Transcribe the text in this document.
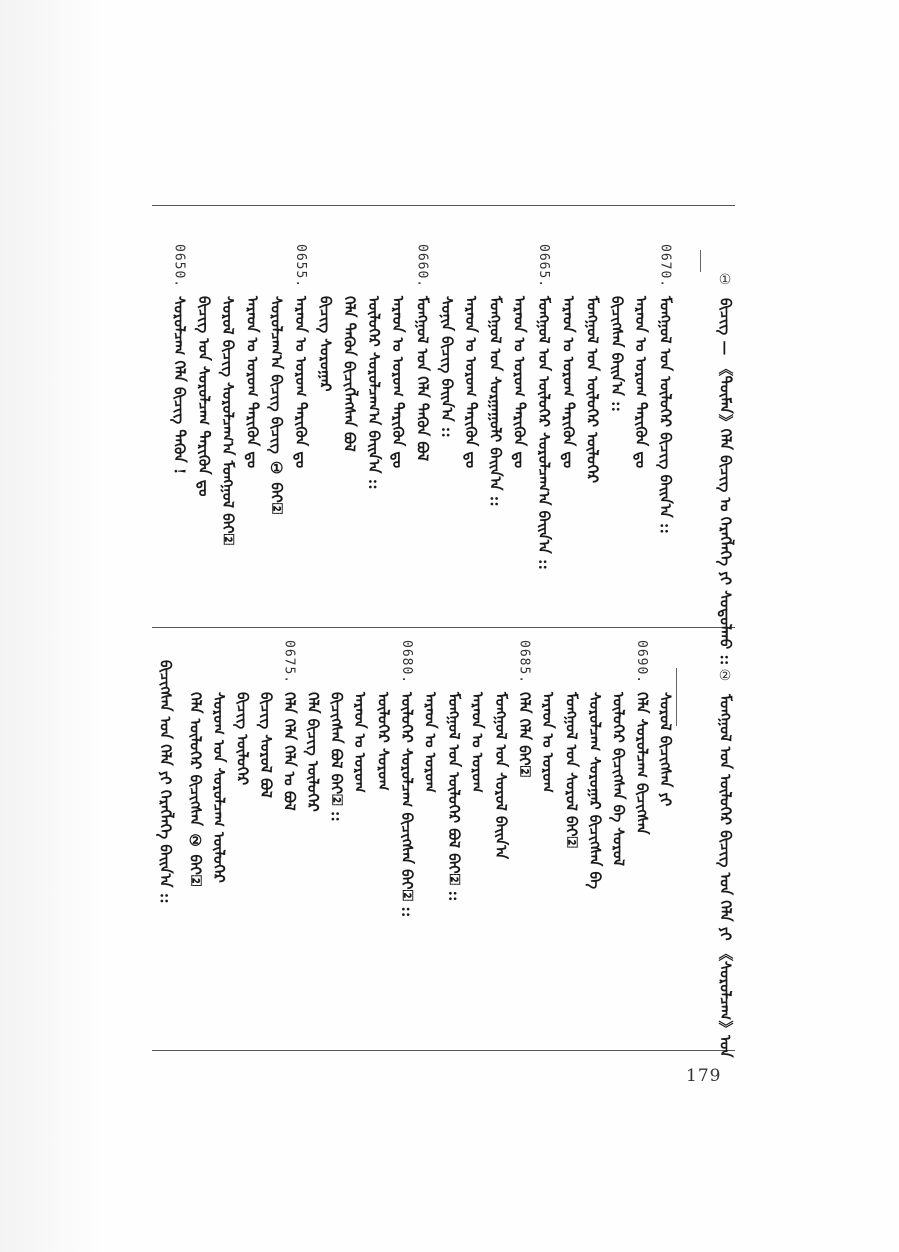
①
ᠪᠢᠴᠢᠭ — 《ᠲᠦᠮᠡᠨ》ᠬᠡᠯᠡ ᠪᠢᠴᠢᠭ ᠤ ᠬᠡᠷᠡᠭᠯᠡᠭᠡ ᠶᠢ ᠰᠤᠳᠤᠯᠬᠤ ::
0670.
ᠮᠣᠩᠭᠣᠯ ᠤᠨ ᠦᠯᠦᠭᠡᠷ ᠪᠢᠴᠢᠭ ᠪᠠᠢ᠌ᠨ᠎ᠠ ::
ᠠᠷᠠᠳ ᠤ ᠤᠷᠤᠭ ᠲᠡᠷᠢᠭᠦᠨ ᠳᠤ
ᠪᠢᠴᠢᠭᠰᠡᠨ ᠪᠠᠢ᠌ᠨ᠎ᠠ ::
ᠮᠣᠩᠭᠣᠯ ᠤᠨ ᠦᠯᠦᠭᠡᠷ ᠦᠯᠦᠭᠡᠷ
ᠠᠷᠠᠳ ᠤ ᠤᠷᠤᠭ ᠲᠡᠷᠢᠭᠦᠨ ᠳᠤ
0665.
ᠮᠣᠩᠭᠣᠯ ᠤᠨ ᠦᠯᠦᠭᠡᠷ ᠰᠤᠷᠤᠯᠴᠠᠭ᠎ᠠ ᠪᠠᠢ᠌ᠨ᠎ᠠ ::
ᠠᠷᠠᠳ ᠤ ᠤᠷᠤᠭ ᠲᠡᠷᠢᠭᠦᠨ ᠳᠤ
ᠮᠣᠩᠭᠣᠯ ᠤᠨ ᠰᠤᠷᠭᠠᠭᠤᠯᠢ ᠪᠠᠢ᠌ᠨ᠎ᠠ ::
ᠠᠷᠠᠳ ᠤ ᠤᠷᠤᠭ ᠲᠡᠷᠢᠭᠦᠨ ᠳᠤ
ᠰᠣᠨᠢᠨ ᠪᠢᠴᠢᠭ ᠪᠠᠢ᠌ᠨ᠎ᠠ ::
0660.
ᠮᠣᠩᠭᠣᠯ ᠤᠨ ᠬᠡᠯᠡ ᠲᠡᠭᠦᠨ ᠪᠣᠯ
ᠠᠷᠠᠳ ᠤ ᠤᠷᠤᠭ ᠲᠡᠷᠢᠭᠦᠨ ᠳᠤ
ᠦᠯᠦᠭᠡᠷ ᠰᠤᠷᠤᠯᠴᠠᠭ᠎ᠠ ᠪᠠᠢ᠌ᠨ᠎ᠠ ::
ᠬᠡᠯᠡ ᠲᠡᠭᠦᠨ ᠪᠢᠴᠢᠭᠯᠡᠭᠰᠡᠨ ᠪᠣᠯ
ᠪᠢᠴᠢᠭ ᠰᠤᠷᠤᠭᠠᠷ
0655.
ᠠᠷᠠᠳ ᠤ ᠤᠷᠤᠭ ᠲᠡᠷᠢᠭᠦᠨ ᠳᠤ
ᠰᠤᠷᠤᠯᠴᠠᠭ᠎ᠠ ᠪᠢᠴᠢᠭ ᠪᠢᠴᠢᠭ ① ᠪᠠᠢ᠌
ᠠᠷᠠᠳ ᠤ ᠤᠷᠤᠭ ᠲᠡᠷᠢᠭᠦᠨ ᠳᠤ
ᠰᠤᠷᠤᠯ ᠪᠢᠴᠢᠭ ᠰᠤᠷᠤᠯᠴᠠᠭ᠎ᠠ ᠮᠣᠩᠭᠣᠯ ᠪᠠᠢ᠌
ᠪᠢᠴᠢᠭ ᠤᠨ ᠰᠤᠷᠤᠯᠴᠠᠭ ᠲᠡᠷᠢᠭᠦᠨ ᠳᠤ
0650.
ᠰᠤᠷᠤᠯᠴᠠᠭ ᠬᠡᠯᠡ ᠪᠢᠴᠢᠭ ᠲᠡᠭᠦᠨ !
②
ᠮᠣᠩᠭᠣᠯ ᠤᠨ ᠦᠯᠦᠭᠡᠷ ᠪᠢᠴᠢᠭ ᠤᠨ ᠬᠡᠯᠡ ᠶᠢ 《ᠰᠤᠷᠤᠯᠴᠠᠭ》ᠤᠨ
ᠪᠢᠴᠢᠭᠰᠡᠨ ᠤᠨ ᠬᠡᠯᠡ ᠶᠢ ᠬᠡᠷᠡᠭᠯᠡᠭᠡ ᠪᠠᠢ᠌ᠨ᠎ᠠ ::	ᠰᠤᠷᠤᠯ ᠪᠢᠴᠢᠭᠰᠡᠨ ᠶᠢ
0690.
ᠬᠡᠯᠡ ᠰᠤᠷᠤᠯᠴᠠᠭ ᠪᠢᠴᠢᠭᠰᠡᠨ
ᠦᠯᠦᠭᠡᠷ ᠪᠢᠴᠢᠭᠰᠡᠨ ᠪᠠ ᠰᠤᠷᠤᠯ
ᠰᠤᠷᠤᠯᠴᠠᠭ ᠰᠤᠷᠤᠭᠠᠷ ᠪᠢᠴᠢᠭᠰᠡᠨ ᠪᠠ
ᠮᠣᠩᠭᠣᠯ ᠤᠨ ᠰᠤᠷᠤᠯ ᠪᠠᠢ᠌
ᠠᠷᠠᠳ ᠤ ᠤᠷᠤᠭ
0685.
ᠬᠡᠯᠡ ᠬᠡᠯᠡ ᠪᠠᠢ᠌
ᠮᠣᠩᠭᠣᠯ ᠤᠨ ᠰᠤᠷᠤᠯ ᠪᠠᠢ᠌ᠨ᠎ᠠ
ᠠᠷᠠᠳ ᠤ ᠤᠷᠤᠭ
ᠮᠣᠩᠭᠣᠯ ᠤᠨ ᠦᠯᠦᠭᠡᠷ ᠪᠣᠯ ᠪᠠᠢ᠌ ::
ᠠᠷᠠᠳ ᠤ ᠤᠷᠤᠭ
0680.
ᠦᠯᠦᠭᠡᠷ ᠰᠤᠷᠤᠯᠴᠠᠭ ᠪᠢᠴᠢᠭᠰᠡᠨ ᠪᠠᠢ᠌ ::
ᠦᠯᠦᠭᠡᠷ ᠰᠤᠷᠤᠭ
ᠠᠷᠠᠳ ᠤ ᠤᠷᠤᠭ
ᠪᠢᠴᠢᠭᠰᠡᠨ ᠪᠣᠯ ᠪᠠᠢ᠌ ::
ᠬᠡᠯᠡ ᠪᠢᠴᠢᠭ ᠦᠯᠦᠭᠡᠷ
0675.
ᠬᠡᠯᠡ ᠬᠡᠯᠡ ᠬᠡᠯᠡ ᠤ ᠪᠣᠯ
ᠪᠢᠴᠢᠭ ᠰᠤᠷᠤᠯ ᠪᠣᠯ
ᠪᠢᠴᠢᠭ ᠦᠯᠦᠭᠡᠷ
ᠰᠤᠷᠤᠭ ᠤᠨ ᠰᠤᠷᠤᠯᠴᠠᠭ ᠦᠯᠦᠭᠡᠷ
ᠬᠡᠯᠡ ᠦᠯᠦᠭᠡᠷ ᠪᠢᠴᠢᠭᠰᠡᠨ ② ᠪᠠᠢ᠌
179
